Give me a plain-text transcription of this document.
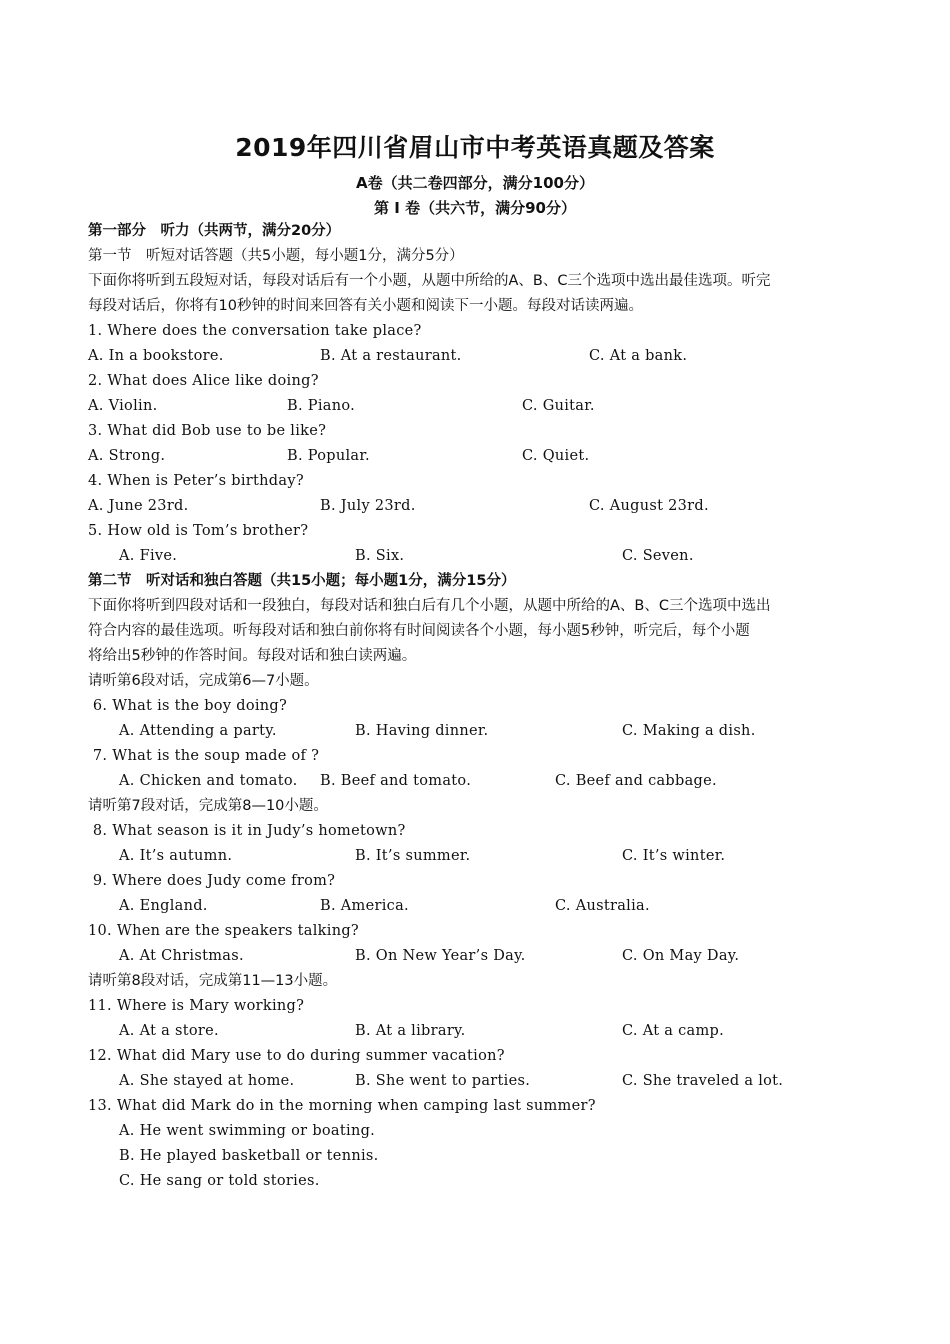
2019年四川省眉山市中考英语真题及答案
A卷（共二卷四部分，满分100分）
第 I 卷（共六节，满分90分）
第一部分　听力（共两节，满分20分）
第一节　听短对话答题（共5小题，每小题1分，满分5分）
下面你将听到五段短对话，每段对话后有一个小题，从题中所给的A、B、C三个选项中选出最佳选项。听完
每段对话后，你将有10秒钟的时间来回答有关小题和阅读下一小题。每段对话读两遍。
1. Where does the conversation take place?
A. In a bookstore.	B. At a restaurant.	C. At a bank.
2. What does Alice like doing?
A. Violin.	B. Piano.	C. Guitar.
3. What did Bob use to be like?
A. Strong.	B. Popular.	C. Quiet.
4. When is Peter’s birthday?
A. June 23rd.	B. July 23rd.	C. August 23rd.
5. How old is Tom’s brother?
A. Five.	B. Six.	C. Seven.
第二节　听对话和独白答题（共15小题；每小题1分，满分15分）
下面你将听到四段对话和一段独白，每段对话和独白后有几个小题，从题中所给的A、B、C三个选项中选出
符合内容的最佳选项。听每段对话和独白前你将有时间阅读各个小题，每小题5秒钟，听完后，每个小题
将给出5秒钟的作答时间。每段对话和独白读两遍。
请听第6段对话，完成第6—7小题。
6. What is the boy doing?
A. Attending a party.	B. Having dinner.	C. Making a dish.
7. What is the soup made of ?
A. Chicken and tomato. B. Beef and tomato.	C. Beef and cabbage.
请听第7段对话，完成第8—10小题。
8. What season is it in Judy’s hometown?
A. It’s autumn.	B. It’s summer.	C. It’s winter.
9. Where does Judy come from?
A. England.	B. America.	C. Australia.
10. When are the speakers talking?
A. At Christmas.	B. On New Year’s Day.	C. On May Day.
请听第8段对话，完成第11—13小题。
11. Where is Mary working?
A. At a store.	B. At a library.	C. At a camp.
12. What did Mary use to do during summer vacation?
A. She stayed at home.	B. She went to parties.	C. She traveled a lot.
13. What did Mark do in the morning when camping last summer?
A. He went swimming or boating.
B. He played basketball or tennis.
C. He sang or told stories.
